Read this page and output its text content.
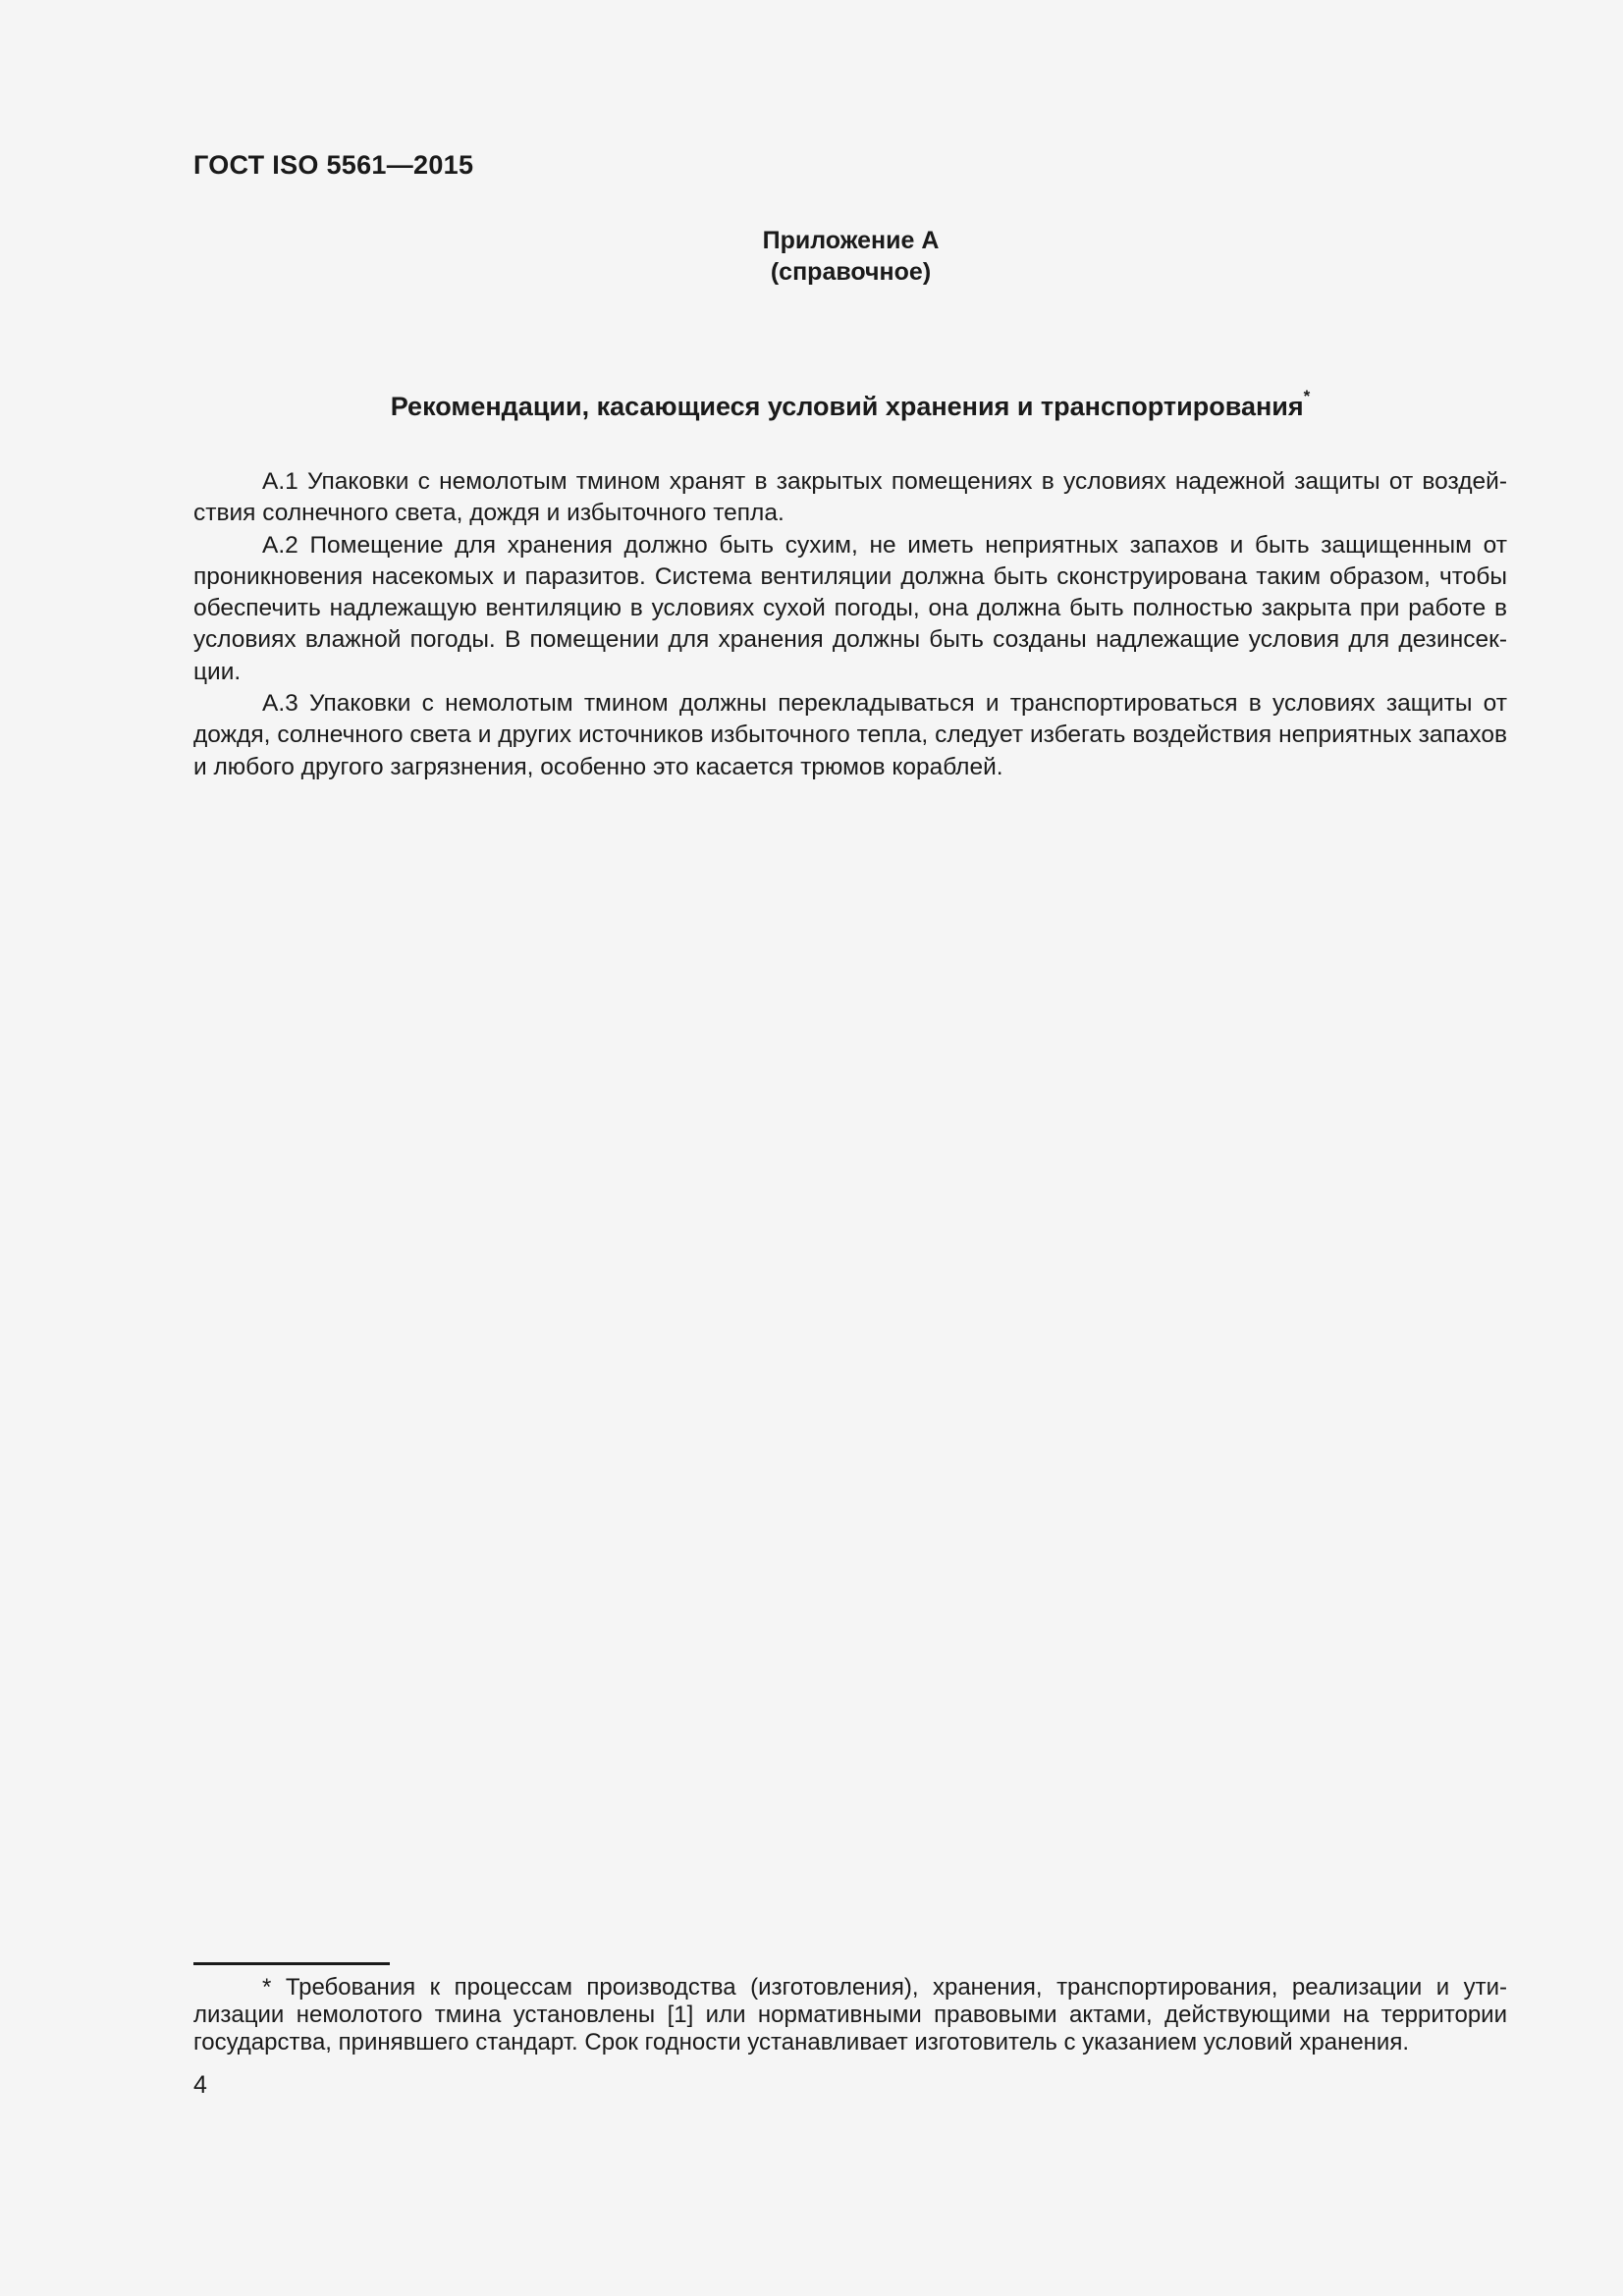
ГОСТ ISO 5561—2015
Приложение А
(справочное)
Рекомендации, касающиеся условий хранения и транспортирования*

А.1 Упаковки с немолотым тмином хранят в закрытых помещениях в условиях надежной защиты от воздействия солнечного света, дождя и избыточного тепла.

А.2 Помещение для хранения должно быть сухим, не иметь неприятных запахов и быть защищенным от проникновения насекомых и паразитов. Система вентиляции должна быть сконструирована таким образом, чтобы обеспечить надлежащую вентиляцию в условиях сухой погоды, она должна быть полностью закрыта при работе в условиях влажной погоды. В помещении для хранения должны быть созданы надлежащие условия для дезинсекции.

А.3 Упаковки с немолотым тмином должны перекладываться и транспортироваться в условиях защиты от дождя, солнечного света и других источников избыточного тепла, следует избегать воздействия неприятных запахов и любого другого загрязнения, особенно это касается трюмов кораблей.

* Требования к процессам производства (изготовления), хранения, транспортирования, реализации и утилизации немолотого тмина установлены [1] или нормативными правовыми актами, действующими на территории государства, принявшего стандарт. Срок годности устанавливает изготовитель с указанием условий хранения.

4
